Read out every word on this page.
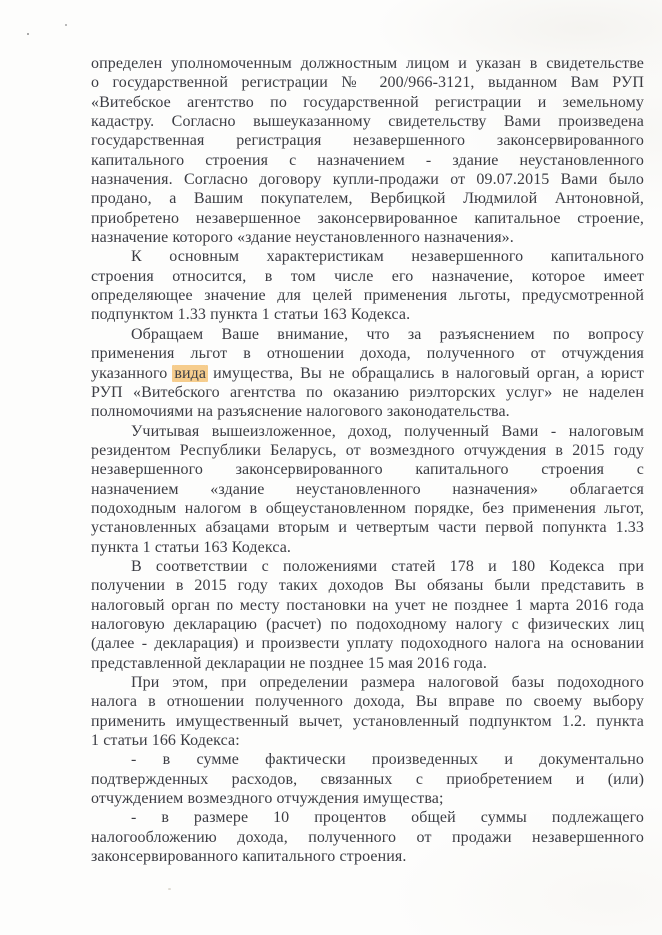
определен уполномоченным должностным лицом и указан в свидетельстве
о государственной регистрации № 200/966-3121, выданном Вам РУП
«Витебское агентство по государственной регистрации и земельному
кадастру. Согласно вышеуказанному свидетельству Вами произведена
государственная регистрация незавершенного законсервированного
капитального строения с назначением - здание неустановленного
назначения. Согласно договору купли-продажи от 09.07.2015 Вами было
продано, а Вашим покупателем, Вербицкой Людмилой Антоновной,
приобретено незавершенное законсервированное капитальное строение,
назначение которого «здание неустановленного назначения».
К основным характеристикам незавершенного капитального
строения относится, в том числе его назначение, которое имеет
определяющее значение для целей применения льготы, предусмотренной
подпунктом 1.33 пункта 1 статьи 163 Кодекса.
Обращаем Ваше внимание, что за разъяснением по вопросу
применения льгот в отношении дохода, полученного от отчуждения
указанного вида имущества, Вы не обращались в налоговый орган, а юрист
РУП «Витебского агентства по оказанию риэлторских услуг» не наделен
полномочиями на разъяснение налогового законодательства.
Учитывая вышеизложенное, доход, полученный Вами - налоговым
резидентом Республики Беларусь, от возмездного отчуждения в 2015 году
незавершенного законсервированного капитального строения с
назначением «здание неустановленного назначения» облагается
подоходным налогом в общеустановленном порядке, без применения льгот,
установленных абзацами вторым и четвертым части первой попункта 1.33
пункта 1 статьи 163 Кодекса.
В соответствии с положениями статей 178 и 180 Кодекса при
получении в 2015 году таких доходов Вы обязаны были представить в
налоговый орган по месту постановки на учет не позднее 1 марта 2016 года
налоговую декларацию (расчет) по подоходному налогу с физических лиц
(далее - декларация) и произвести уплату подоходного налога на основании
представленной декларации не позднее 15 мая 2016 года.
При этом, при определении размера налоговой базы подоходного
налога в отношении полученного дохода, Вы вправе по своему выбору
применить имущественный вычет, установленный подпунктом 1.2. пункта
1 статьи 166 Кодекса:
- в сумме фактически произведенных и документально
подтвержденных расходов, связанных с приобретением и (или)
отчуждением возмездного отчуждения имущества;
- в размере 10 процентов общей суммы подлежащего
налогообложению дохода, полученного от продажи незавершенного
законсервированного капитального строения.
